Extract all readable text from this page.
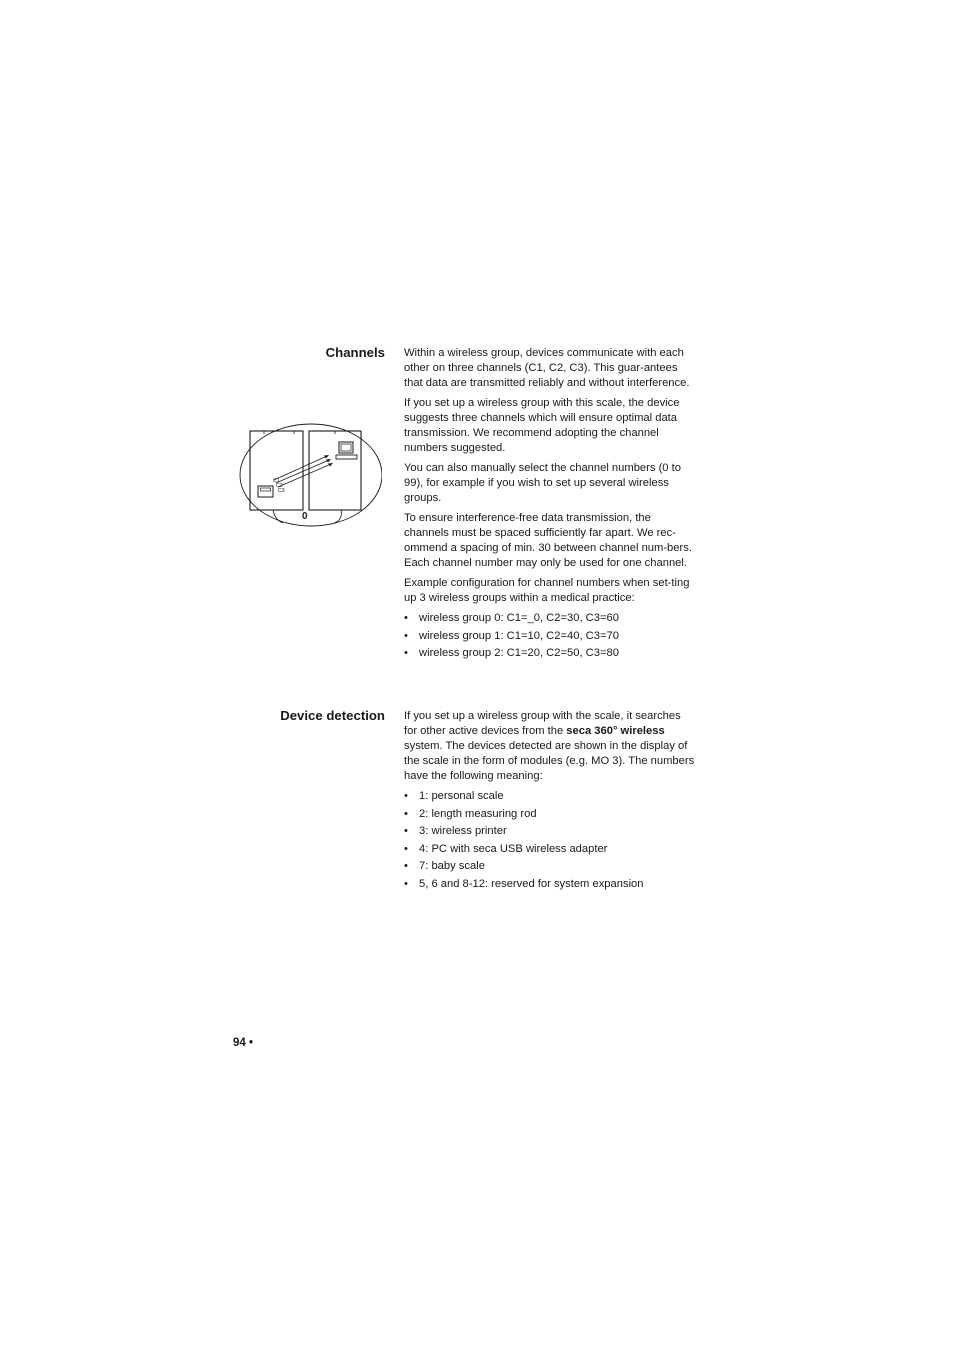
Channels Within a wireless group, devices communicate with each other on three channels (C1, C2, C3). This guar-antees that data are transmitted reliably and without interference.

If you set up a wireless group with this scale, the device suggests three channels which will ensure optimal data transmission. We recommend adopting the channel numbers suggested.

You can also manually select the channel numbers (0 to 99), for example if you wish to set up several wireless groups.

To ensure interference-free data transmission, the channels must be spaced sufficiently far apart. We rec-ommend a spacing of min. 30 between channel num-bers. Each channel number may only be used for one channel.

Example configuration for channel numbers when set-ting up 3 wireless groups within a medical practice:

• wireless group 0: C1=_0, C2=30, C3=60
• wireless group 1: C1=10, C2=40, C3=70
• wireless group 2: C1=20, C2=50, C3=80
C1
C2
C3
0
Device detection If you set up a wireless group with the scale, it searches for other active devices from the seca 360° wireless system. The devices detected are shown in the display of the scale in the form of modules (e.g. MO 3). The numbers have the following meaning:

• 1: personal scale
• 2: length measuring rod
• 3: wireless printer
• 4: PC with seca USB wireless adapter
• 7: baby scale
• 5, 6 and 8-12: reserved for system expansion
94 •
